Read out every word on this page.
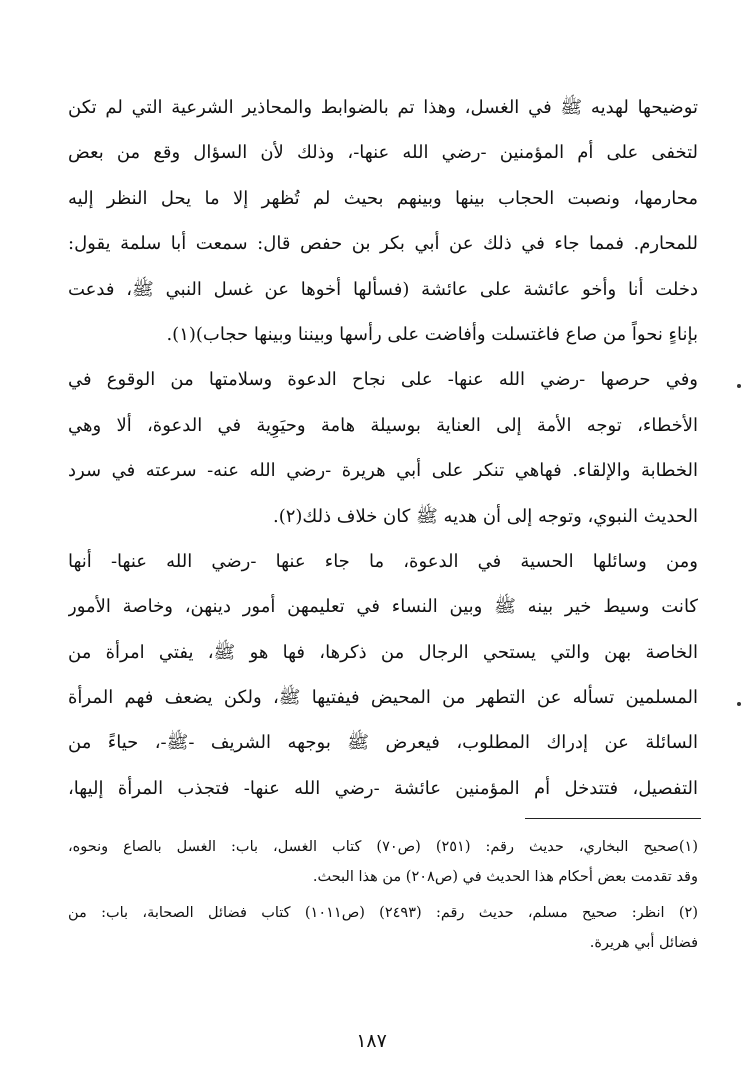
توضيحها لهديه ﷺ في الغسل، وهذا تم بالضوابط والمحاذير الشرعية التي لم تكن
لتخفى على أم المؤمنين -رضي الله عنها-، وذلك لأن السؤال وقع من بعض
محارمها، ونصبت الحجاب بينها وبينهم بحيث لم تُظهر إلا ما يحل النظر إليه
للمحارم. فمما جاء في ذلك عن أبي بكر بن حفص قال: سمعت أبا سلمة يقول:
دخلت أنا وأخو عائشة على عائشة (فسألها أخوها عن غسل النبي ﷺ، فدعت
بإناءٍ نحواً من صاع فاغتسلت وأفاضت على رأسها وبيننا وبينها حجاب)(١).
وفي حرصها -رضي الله عنها- على نجاح الدعوة وسلامتها من الوقوع في
الأخطاء، توجه الأمة إلى العناية بوسيلة هامة وحيَوِية في الدعوة، ألا وهي
الخطابة والإلقاء. فهاهي تنكر على أبي هريرة -رضي الله عنه- سرعته في سرد
الحديث النبوي، وتوجه إلى أن هديه ﷺ كان خلاف ذلك(٢).
ومن وسائلها الحسية في الدعوة، ما جاء عنها -رضي الله عنها- أنها
كانت وسيط خير بينه ﷺ وبين النساء في تعليمهن أمور دينهن، وخاصة الأمور
الخاصة بهن والتي يستحي الرجال من ذكرها، فها هو ﷺ، يفتي امرأة من
المسلمين تسأله عن التطهر من المحيض فيفتيها ﷺ، ولكن يضعف فهم المرأة
السائلة عن إدراك المطلوب، فيعرض ﷺ بوجهه الشريف -ﷺ-، حياءً من
التفصيل، فتتدخل أم المؤمنين عائشة -رضي الله عنها- فتجذب المرأة إليها،
(١)صحيح البخاري، حديث رقم: (٢٥١) (ص٧٠) كتاب الغسل، باب: الغسل بالصاع ونحوه،
وقد تقدمت بعض أحكام هذا الحديث في (ص٢٠٨) من هذا البحث.
(٢) انظر: صحيح مسلم، حديث رقم: (٢٤٩٣) (ص١٠١١) كتاب فضائل الصحابة، باب: من
فضائل أبي هريرة.
١٨٧
